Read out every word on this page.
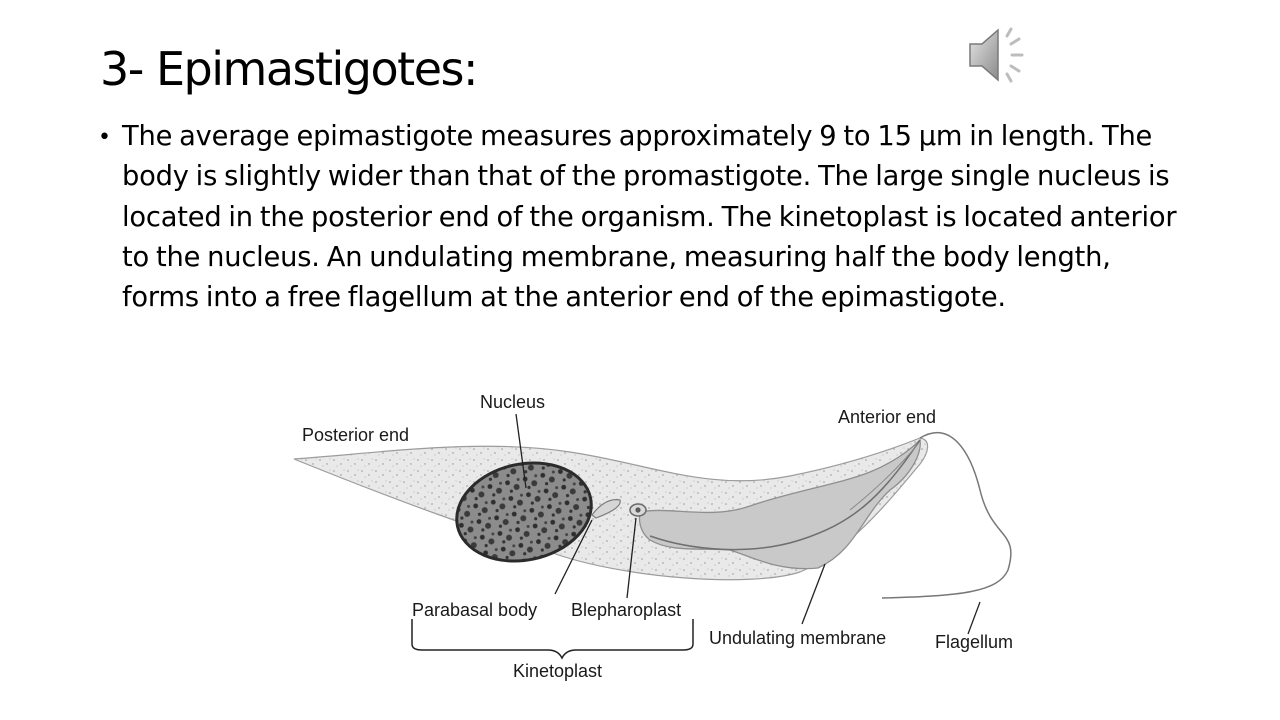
3- Epimastigotes:
• The average epimastigote measures approximately 9 to 15 µm in length. The body is slightly wider than that of the promastigote. The large single nucleus is located in the posterior end of the organism. The kinetoplast is located anterior to the nucleus. An undulating membrane, measuring half the body length, forms into a free flagellum at the anterior end of the epimastigote.
Nucleus
Posterior end
Anterior end
Parabasal body Blepharoplast
Undulating membrane	Flagellum
Kinetoplast
